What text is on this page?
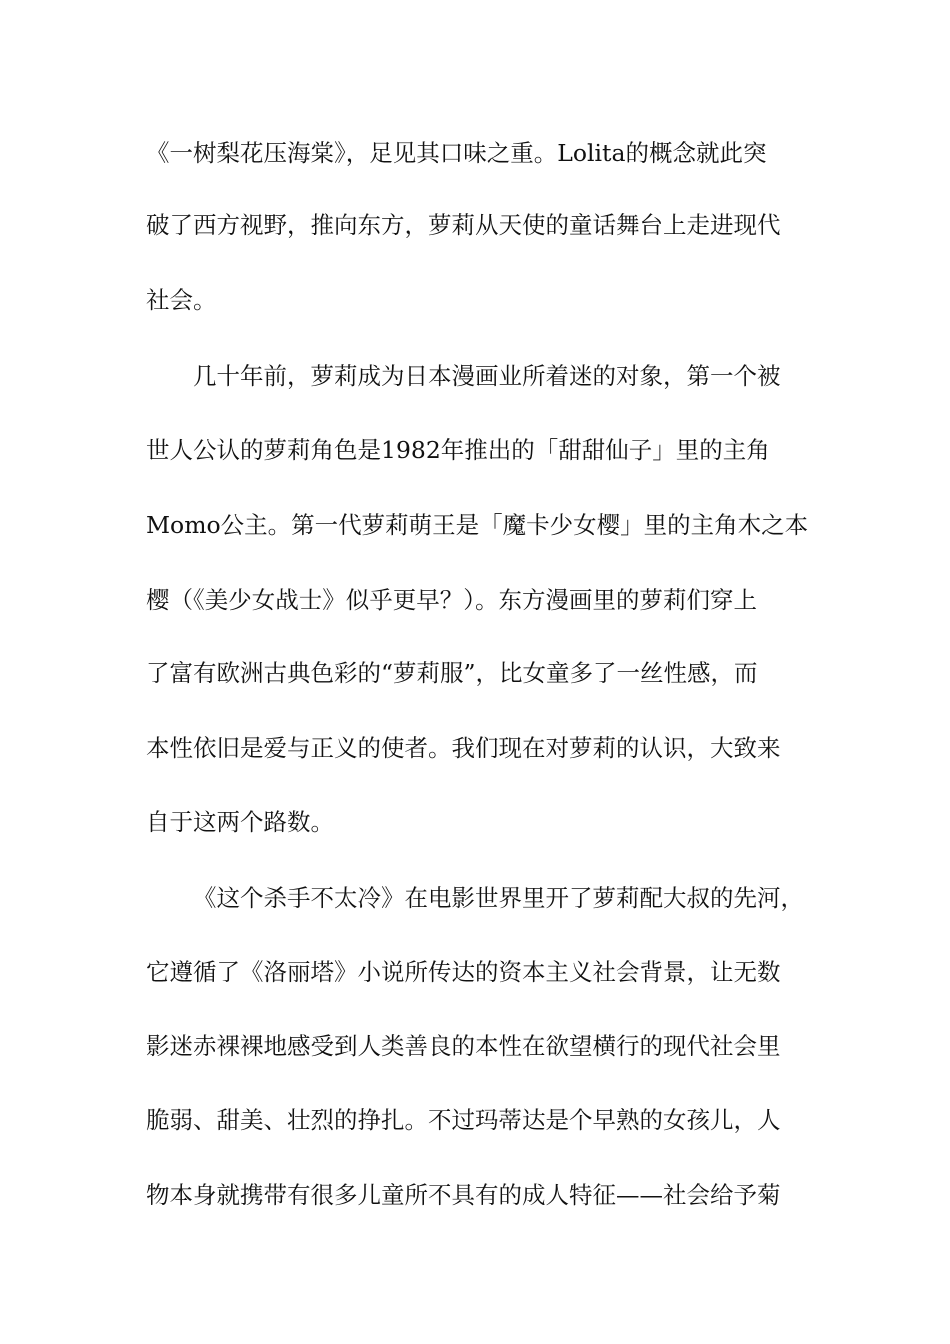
《一树梨花压海棠》，足见其口味之重。Lolita的概念就此突
破了西方视野，推向东方，萝莉从天使的童话舞台上走进现代
社会。
几十年前，萝莉成为日本漫画业所着迷的对象，第一个被
世人公认的萝莉角色是1982年推出的「甜甜仙子」里的主角
Momo公主。第一代萝莉萌王是「魔卡少女樱」里的主角木之本
樱（《美少女战士》似乎更早？）。东方漫画里的萝莉们穿上
了富有欧洲古典色彩的“萝莉服”，比女童多了一丝性感，而
本性依旧是爱与正义的使者。我们现在对萝莉的认识，大致来
自于这两个路数。
《这个杀手不太冷》在电影世界里开了萝莉配大叔的先河，
它遵循了《洛丽塔》小说所传达的资本主义社会背景，让无数
影迷赤裸裸地感受到人类善良的本性在欲望横行的现代社会里
脆弱、甜美、壮烈的挣扎。不过玛蒂达是个早熟的女孩儿，人
物本身就携带有很多儿童所不具有的成人特征——社会给予菊
